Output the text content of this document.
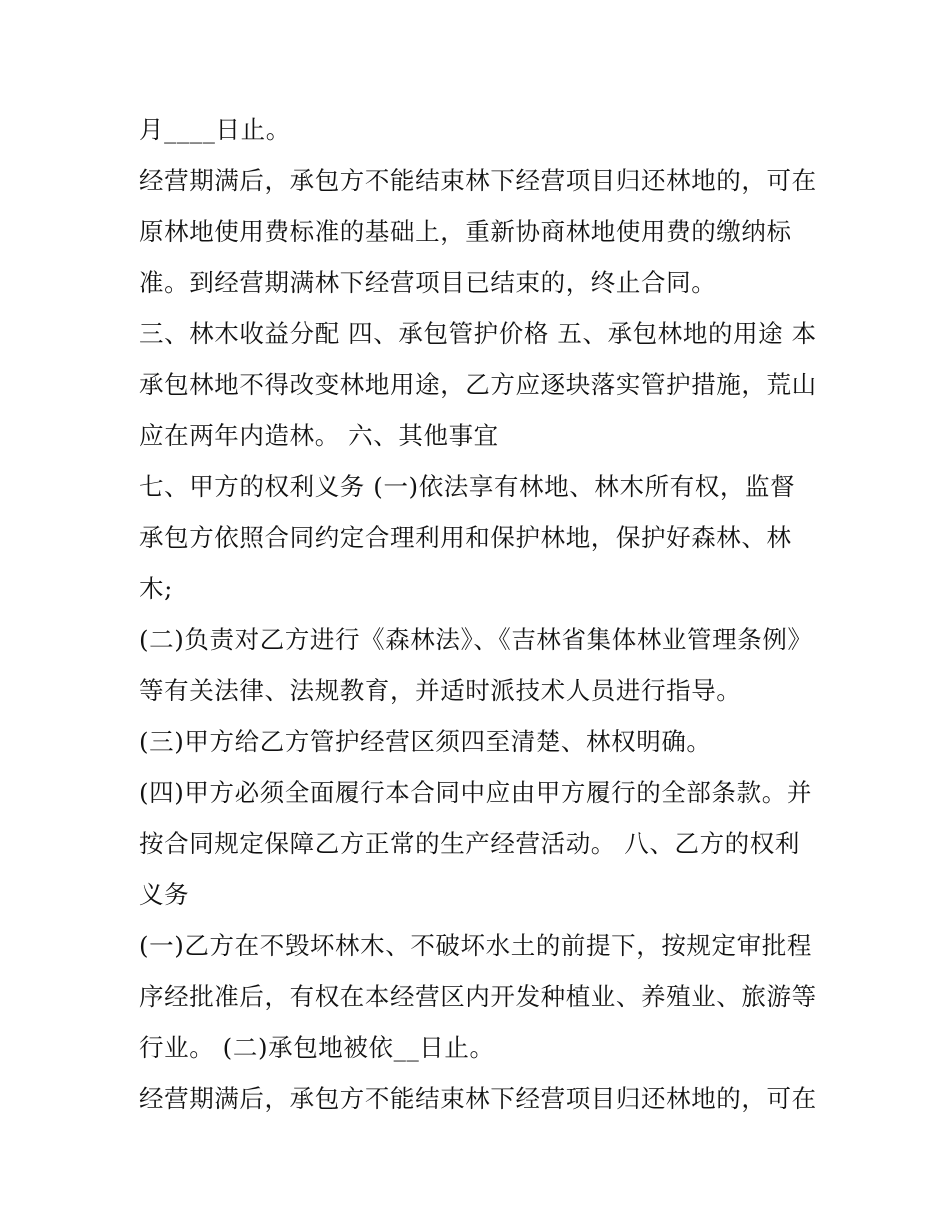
月____日止。

经营期满后，承包方不能结束林下经营项目归还林地的，可在原林地使用费标准的基础上，重新协商林地使用费的缴纳标准。到经营期满林下经营项目已结束的，终止合同。

三、林木收益分配 四、承包管护价格 五、承包林地的用途 本承包林地不得改变林地用途，乙方应逐块落实管护措施，荒山应在两年内造林。 六、其他事宜

七、甲方的权利义务 (一)依法享有林地、林木所有权，监督承包方依照合同约定合理利用和保护林地，保护好森林、林木;

(二)负责对乙方进行《森林法》、《吉林省集体林业管理条例》等有关法律、法规教育，并适时派技术人员进行指导。

(三)甲方给乙方管护经营区须四至清楚、林权明确。

(四)甲方必须全面履行本合同中应由甲方履行的全部条款。并按合同规定保障乙方正常的生产经营活动。 八、乙方的权利义务

(一)乙方在不毁坏林木、不破坏水土的前提下，按规定审批程序经批准后，有权在本经营区内开发种植业、养殖业、旅游等行业。 (二)承包地被依__日止。

经营期满后，承包方不能结束林下经营项目归还林地的，可在
